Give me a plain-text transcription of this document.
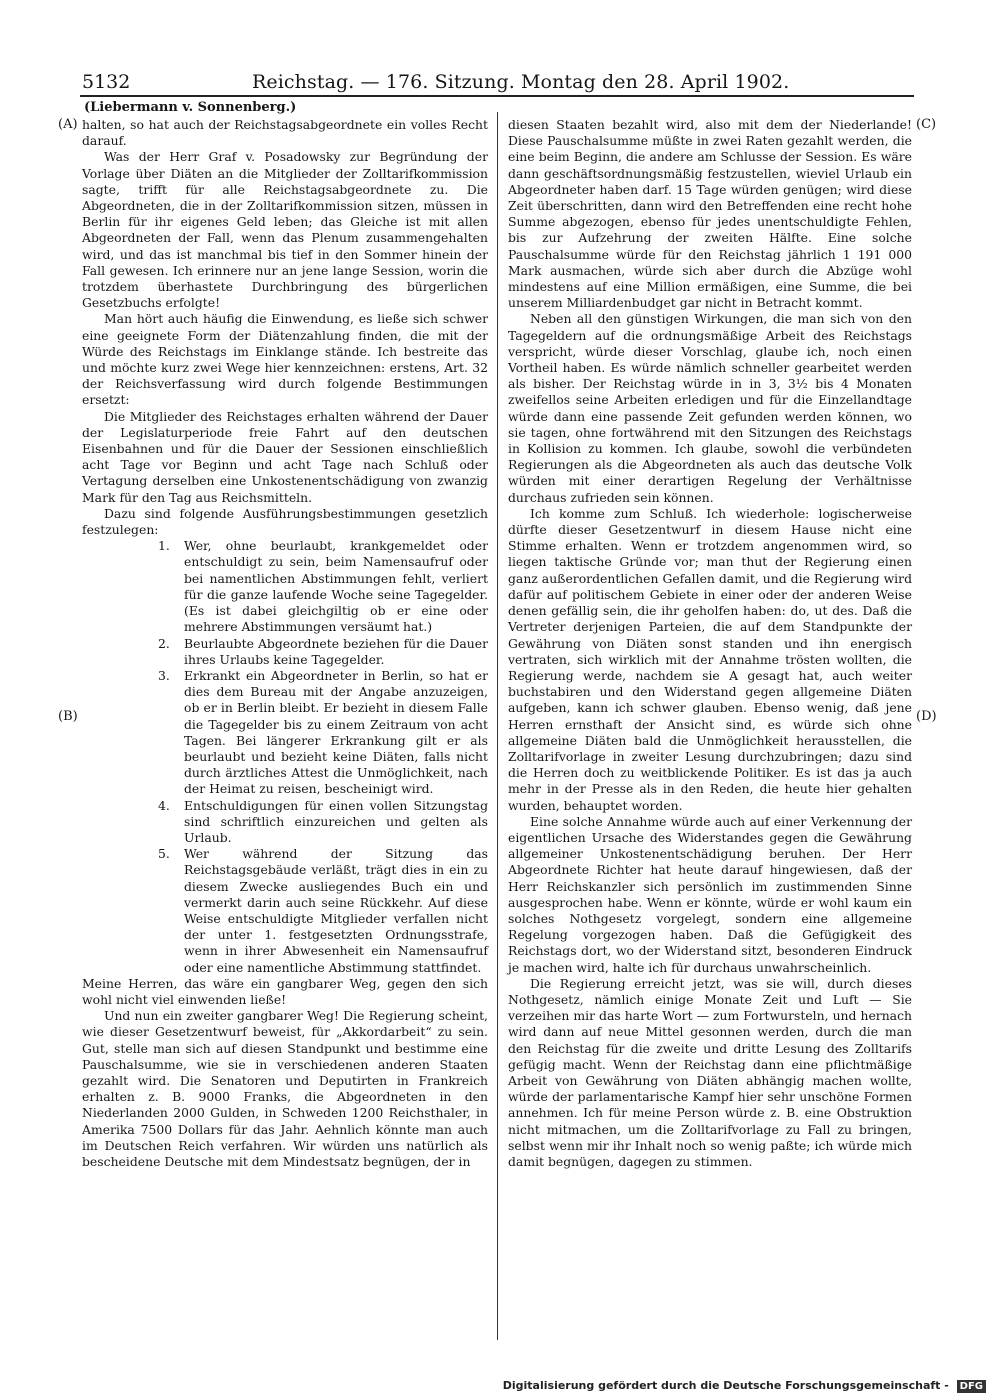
5132	Reichstag. — 176. Sitzung. Montag den 28. April 1902.
(Liebermann v. Sonnenberg.)
(A)
(B)
(C)
(D)

halten, so hat auch der Reichstagsabgeordnete ein volles Recht darauf.

Was der Herr Graf v. Posadowsky zur Begründung der Vorlage über Diäten an die Mitglieder der Zolltarifkommission sagte, trifft für alle Reichstagsabgeordnete zu. Die Abgeordneten, die in der Zolltarifkommission sitzen, müssen in Berlin für ihr eigenes Geld leben; das Gleiche ist mit allen Abgeordneten der Fall, wenn das Plenum zusammengehalten wird, und das ist manchmal bis tief in den Sommer hinein der Fall gewesen. Ich erinnere nur an jene lange Session, worin die trotzdem überhastete Durchbringung des bürgerlichen Gesetzbuchs erfolgte!

Man hört auch häufig die Einwendung, es ließe sich schwer eine geeignete Form der Diätenzahlung finden, die mit der Würde des Reichstags im Einklange stände. Ich bestreite das und möchte kurz zwei Wege hier kennzeichnen: erstens, Art. 32 der Reichsverfassung wird durch folgende Bestimmungen ersetzt:

Die Mitglieder des Reichstages erhalten während der Dauer der Legislaturperiode freie Fahrt auf den deutschen Eisenbahnen und für die Dauer der Sessionen einschließlich acht Tage vor Beginn und acht Tage nach Schluß oder Vertagung derselben eine Unkostenentschädigung von zwanzig Mark für den Tag aus Reichsmitteln.

Dazu sind folgende Ausführungsbestimmungen gesetzlich festzulegen:

1. Wer, ohne beurlaubt, krankgemeldet oder entschuldigt zu sein, beim Namensaufruf oder bei namentlichen Abstimmungen fehlt, verliert für die ganze laufende Woche seine Tagegelder. (Es ist dabei gleichgiltig ob er eine oder mehrere Abstimmungen versäumt hat.)
2. Beurlaubte Abgeordnete beziehen für die Dauer ihres Urlaubs keine Tagegelder.
3. Erkrankt ein Abgeordneter in Berlin, so hat er dies dem Bureau mit der Angabe anzuzeigen, ob er in Berlin bleibt. Er bezieht in diesem Falle die Tagegelder bis zu einem Zeitraum von acht Tagen. Bei längerer Erkrankung gilt er als beurlaubt und bezieht keine Diäten, falls nicht durch ärztliches Attest die Unmöglichkeit, nach der Heimat zu reisen, bescheinigt wird.
4. Entschuldigungen für einen vollen Sitzungstag sind schriftlich einzureichen und gelten als Urlaub.
5. Wer während der Sitzung das Reichstagsgebäude verläßt, trägt dies in ein zu diesem Zwecke ausliegendes Buch ein und vermerkt darin auch seine Rückkehr. Auf diese Weise entschuldigte Mitglieder verfallen nicht der unter 1. festgesetzten Ordnungsstrafe, wenn in ihrer Abwesenheit ein Namensaufruf oder eine namentliche Abstimmung stattfindet.

Meine Herren, das wäre ein gangbarer Weg, gegen den sich wohl nicht viel einwenden ließe!

Und nun ein zweiter gangbarer Weg! Die Regierung scheint, wie dieser Gesetzentwurf beweist, für „Akkordarbeit“ zu sein. Gut, stelle man sich auf diesen Standpunkt und bestimme eine Pauschalsumme, wie sie in verschiedenen anderen Staaten gezahlt wird. Die Senatoren und Deputirten in Frankreich erhalten z. B. 9000 Franks, die Abgeordneten in den Niederlanden 2000 Gulden, in Schweden 1200 Reichsthaler, in Amerika 7500 Dollars für das Jahr. Aehnlich könnte man auch im Deutschen Reich verfahren. Wir würden uns natürlich als bescheidene Deutsche mit dem Mindestsatz begnügen, der in

diesen Staaten bezahlt wird, also mit dem der Niederlande! Diese Pauschalsumme müßte in zwei Raten gezahlt werden, die eine beim Beginn, die andere am Schlusse der Session. Es wäre dann geschäftsordnungsmäßig festzustellen, wieviel Urlaub ein Abgeordneter haben darf. 15 Tage würden genügen; wird diese Zeit überschritten, dann wird den Betreffenden eine recht hohe Summe abgezogen, ebenso für jedes unentschuldigte Fehlen, bis zur Aufzehrung der zweiten Hälfte. Eine solche Pauschalsumme würde für den Reichstag jährlich 1 191 000 Mark ausmachen, würde sich aber durch die Abzüge wohl mindestens auf eine Million ermäßigen, eine Summe, die bei unserem Milliardenbudget gar nicht in Betracht kommt.

Neben all den günstigen Wirkungen, die man sich von den Tagegeldern auf die ordnungsmäßige Arbeit des Reichstags verspricht, würde dieser Vorschlag, glaube ich, noch einen Vortheil haben. Es würde nämlich schneller gearbeitet werden als bisher. Der Reichstag würde in in 3, 3½ bis 4 Monaten zweifellos seine Arbeiten erledigen und für die Einzellandtage würde dann eine passende Zeit gefunden werden können, wo sie tagen, ohne fortwährend mit den Sitzungen des Reichstags in Kollision zu kommen. Ich glaube, sowohl die verbündeten Regierungen als die Abgeordneten als auch das deutsche Volk würden mit einer derartigen Regelung der Verhältnisse durchaus zufrieden sein können.

Ich komme zum Schluß. Ich wiederhole: logischerweise dürfte dieser Gesetzentwurf in diesem Hause nicht eine Stimme erhalten. Wenn er trotzdem angenommen wird, so liegen taktische Gründe vor; man thut der Regierung einen ganz außerordentlichen Gefallen damit, und die Regierung wird dafür auf politischem Gebiete in einer oder der anderen Weise denen gefällig sein, die ihr geholfen haben: do, ut des. Daß die Vertreter derjenigen Parteien, die auf dem Standpunkte der Gewährung von Diäten sonst standen und ihn energisch vertraten, sich wirklich mit der Annahme trösten wollten, die Regierung werde, nachdem sie A gesagt hat, auch weiter buchstabiren und den Widerstand gegen allgemeine Diäten aufgeben, kann ich schwer glauben. Ebenso wenig, daß jene Herren ernsthaft der Ansicht sind, es würde sich ohne allgemeine Diäten bald die Unmöglichkeit herausstellen, die Zolltarifvorlage in zweiter Lesung durchzubringen; dazu sind die Herren doch zu weitblickende Politiker. Es ist das ja auch mehr in der Presse als in den Reden, die heute hier gehalten wurden, behauptet worden.

Eine solche Annahme würde auch auf einer Verkennung der eigentlichen Ursache des Widerstandes gegen die Gewährung allgemeiner Unkostenentschädigung beruhen. Der Herr Abgeordnete Richter hat heute darauf hingewiesen, daß der Herr Reichskanzler sich persönlich im zustimmenden Sinne ausgesprochen habe. Wenn er könnte, würde er wohl kaum ein solches Nothgesetz vorgelegt, sondern eine allgemeine Regelung vorgezogen haben. Daß die Gefügigkeit des Reichstags dort, wo der Widerstand sitzt, besonderen Eindruck je machen wird, halte ich für durchaus unwahrscheinlich.

Die Regierung erreicht jetzt, was sie will, durch dieses Nothgesetz, nämlich einige Monate Zeit und Luft — Sie verzeihen mir das harte Wort — zum Fortwursteln, und hernach wird dann auf neue Mittel gesonnen werden, durch die man den Reichstag für die zweite und dritte Lesung des Zolltarifs gefügig macht. Wenn der Reichstag dann eine pflichtmäßige Arbeit von Gewährung von Diäten abhängig machen wollte, würde der parlamentarische Kampf hier sehr unschöne Formen annehmen. Ich für meine Person würde z. B. eine Obstruktion nicht mitmachen, um die Zolltarifvorlage zu Fall zu bringen, selbst wenn mir ihr Inhalt noch so wenig paßte; ich würde mich damit begnügen, dagegen zu stimmen.

Digitalisierung gefördert durch die Deutsche Forschungsgemeinschaft - DFG
